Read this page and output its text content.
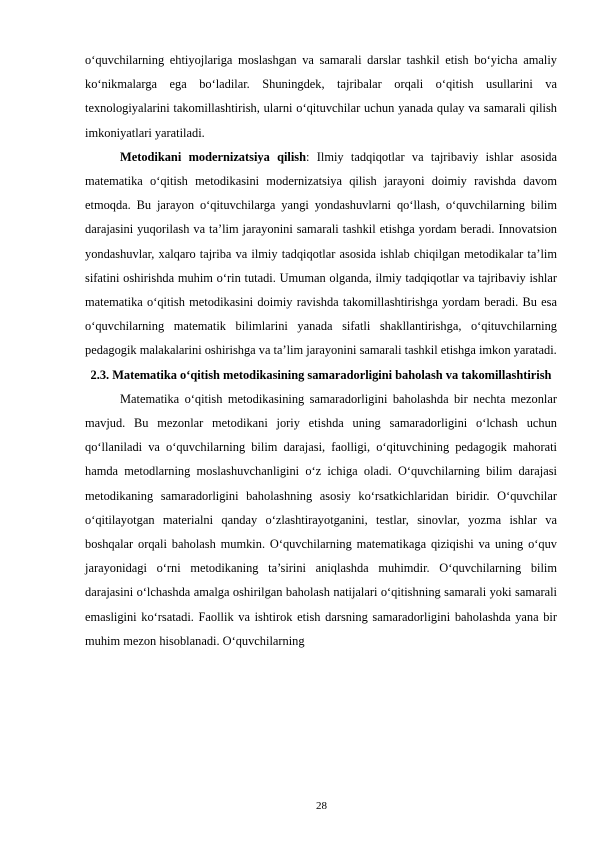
o‘quvchilarning ehtiyojlariga moslashgan va samarali darslar tashkil etish bo‘yicha amaliy ko‘nikmalarga ega bo‘ladilar. Shuningdek, tajribalar orqali o‘qitish usullarini va texnologiyalarini takomillashtirish, ularni o‘qituvchilar uchun yanada qulay va samarali qilish imkoniyatlari yaratiladi.

Metodikani modernizatsiya qilish: Ilmiy tadqiqotlar va tajribaviy ishlar asosida matematika o‘qitish metodikasini modernizatsiya qilish jarayoni doimiy ravishda davom etmoqda. Bu jarayon o‘qituvchilarga yangi yondashuvlarni qo‘llash, o‘quvchilarning bilim darajasini yuqorilash va ta’lim jarayonini samarali tashkil etishga yordam beradi. Innovatsion yondashuvlar, xalqaro tajriba va ilmiy tadqiqotlar asosida ishlab chiqilgan metodikalar ta’lim sifatini oshirishda muhim o‘rin tutadi. Umuman olganda, ilmiy tadqiqotlar va tajribaviy ishlar matematika o‘qitish metodikasini doimiy ravishda takomillashtirishga yordam beradi. Bu esa o‘quvchilarning matematik bilimlarini yanada sifatli shakllantirishga, o‘qituvchilarning pedagogik malakalarini oshirishga va ta’lim jarayonini samarali tashkil etishga imkon yaratadi.

2.3. Matematika o‘qitish metodikasining samaradorligini baholash va takomillashtirish

Matematika o‘qitish metodikasining samaradorligini baholashda bir nechta mezonlar mavjud. Bu mezonlar metodikani joriy etishda uning samaradorligini o‘lchash uchun qo‘llaniladi va o‘quvchilarning bilim darajasi, faolligi, o‘qituvchining pedagogik mahorati hamda metodlarning moslashuvchanligini o‘z ichiga oladi. O‘quvchilarning bilim darajasi metodikaning samaradorligini baholashning asosiy ko‘rsatkichlaridan biridir. O‘quvchilar o‘qitilayotgan materialni qanday o‘zlashtirayotganini, testlar, sinovlar, yozma ishlar va boshqalar orqali baholash mumkin. O‘quvchilarning matematikaga qiziqishi va uning o‘quv jarayonidagi o‘rni metodikaning ta’sirini aniqlashda muhimdir. O‘quvchilarning bilim darajasini o‘lchashda amalga oshirilgan baholash natijalari o‘qitishning samarali yoki samarali emasligini ko‘rsatadi. Faollik va ishtirok etish darsning samaradorligini baholashda yana bir muhim mezon hisoblanadi. O‘quvchilarning

28
